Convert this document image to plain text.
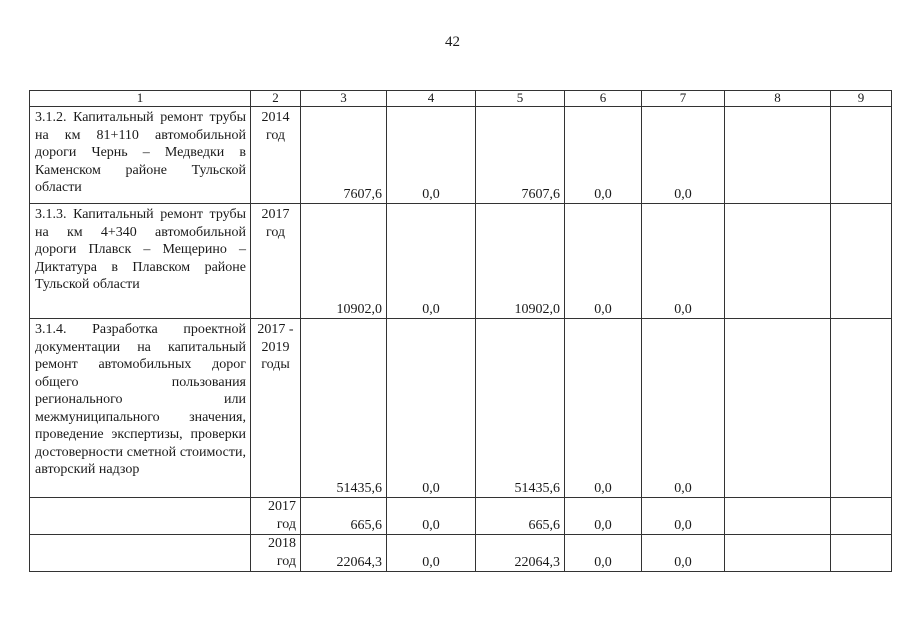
42
1	2	3	4	5	6	7	8	9
3.1.2. Капитальный ремонт трубы на км 81+110 автомобильной дороги Чернь – Медведки в Каменском районе Тульской области	2014 год	7607,6	0,0	7607,6	0,0	0,0		
3.1.3. Капитальный ремонт трубы на км 4+340 автомобильной дороги Плавск – Мещерино – Диктатура в Плавском районе Тульской области	2017 год	10902,0	0,0	10902,0	0,0	0,0		
3.1.4. Разработка проектной документации на капитальный ремонт автомобильных дорог общего пользования регионального или межмуниципального значения, проведение экспертизы, проверки достоверности сметной стоимости, авторский надзор	2017 - 2019 годы	51435,6	0,0	51435,6	0,0	0,0		
	2017 год	665,6	0,0	665,6	0,0	0,0		
	2018 год	22064,3	0,0	22064,3	0,0	0,0		
